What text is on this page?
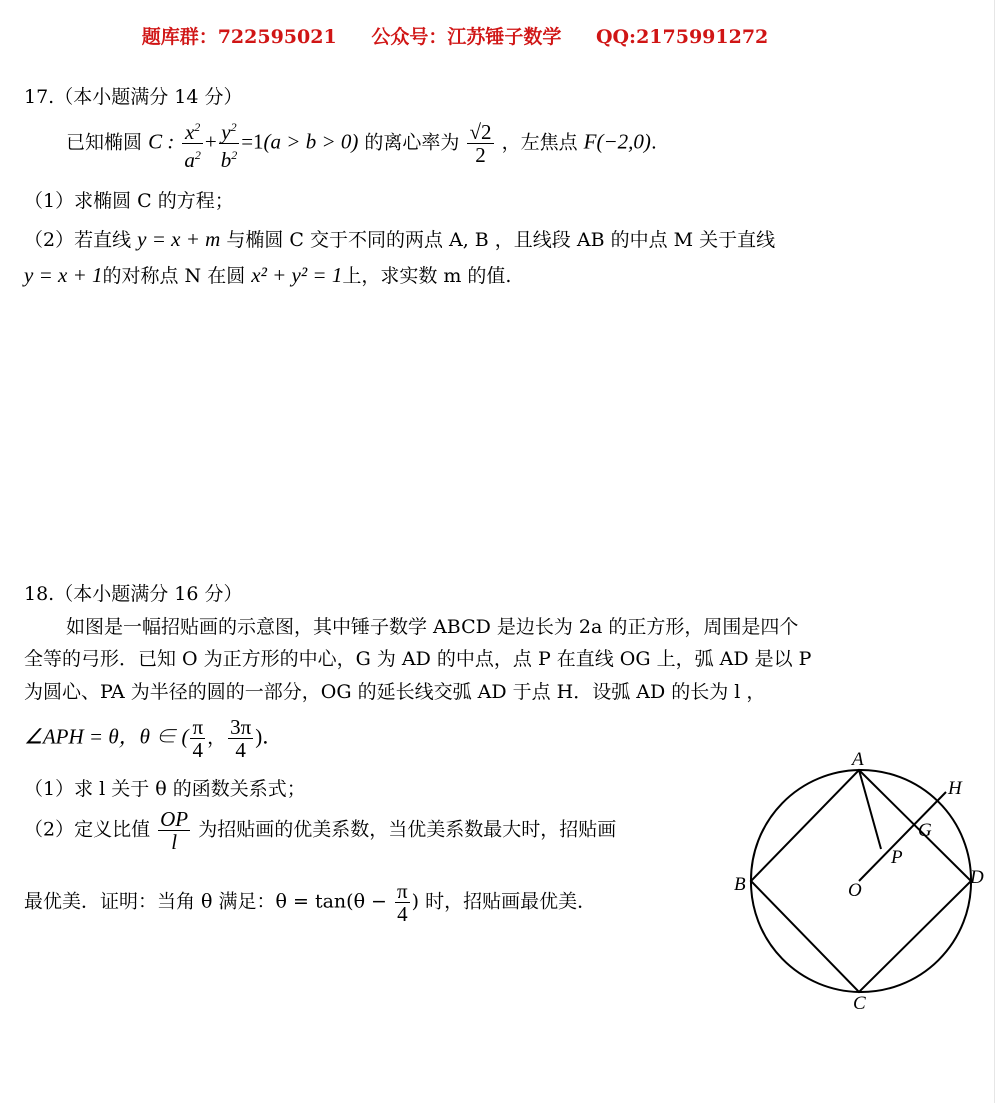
题库群：722595021 公众号：江苏锤子数学 QQ:2175991272
17.（本小题满分 14 分）
已知椭圆 C : $\frac{x^2}{a^2} + \frac{y^2}{b^2} =1(a > b > 0)$ 的离心率为 $\frac{√2}{2}$ ，左焦点 F(−2,0).
（1）求椭圆 C 的方程；
（2）若直线 y = x + m 与椭圆 C 交于不同的两点 A, B ，且线段 AB 的中点 M 关于直线
y = x + 1的对称点 N 在圆 x² + y² = 1上，求实数 m 的值.
18.（本小题满分 16 分）
如图是一幅招贴画的示意图，其中锤子数学 ABCD 是边长为 2a 的正方形，周围是四个
全等的弓形．已知 O 为正方形的中心，G 为 AD 的中点，点 P 在直线 OG 上，弧 AD 是以 P
为圆心、PA 为半径的圆的一部分，OG 的延长线交弧 AD 于点 H．设弧 AD 的长为 l ，
∠APH = θ，θ ∈ ( $\frac{\pi}{4}$ ， $\frac{3\pi}{4}$ )．
（1）求 l 关于 θ 的函数关系式；
（2）定义比值 $\frac{OP}{l}$ 为招贴画的优美系数，当优美系数最大时，招贴画
最优美．证明：当角 θ 满足：$\theta = \tan(\theta - \frac{\pi}{4}$ ) 时，招贴画最优美．
A
B
C
D
H
G
P
O
